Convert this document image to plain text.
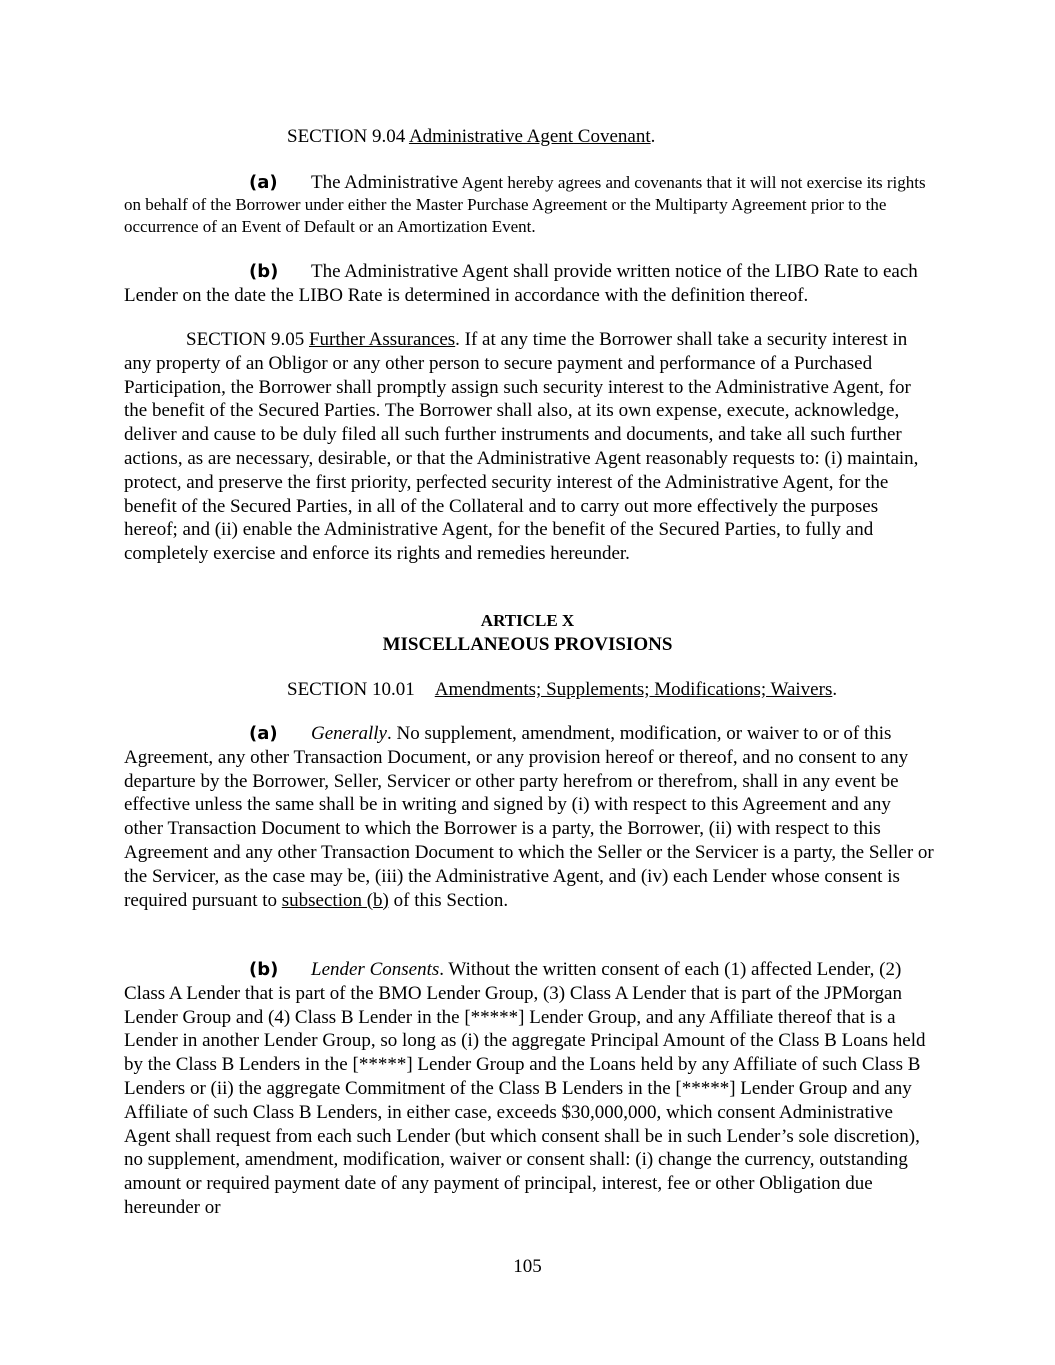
SECTION 9.04 Administrative Agent Covenant.

(a) The Administrative Agent hereby agrees and covenants that it will not exercise its rights on behalf of the Borrower under either the Master Purchase Agreement or the Multiparty Agreement prior to the occurrence of an Event of Default or an Amortization Event.

(b) The Administrative Agent shall provide written notice of the LIBO Rate to each Lender on the date the LIBO Rate is determined in accordance with the definition thereof.

SECTION 9.05 Further Assurances. If at any time the Borrower shall take a security interest in any property of an Obligor or any other person to secure payment and performance of a Purchased Participation, the Borrower shall promptly assign such security interest to the Administrative Agent, for the benefit of the Secured Parties. The Borrower shall also, at its own expense, execute, acknowledge, deliver and cause to be duly filed all such further instruments and documents, and take all such further actions, as are necessary, desirable, or that the Administrative Agent reasonably requests to: (i) maintain, protect, and preserve the first priority, perfected security interest of the Administrative Agent, for the benefit of the Secured Parties, in all of the Collateral and to carry out more effectively the purposes hereof; and (ii) enable the Administrative Agent, for the benefit of the Secured Parties, to fully and completely exercise and enforce its rights and remedies hereunder.

ARTICLE X

MISCELLANEOUS PROVISIONS

SECTION 10.01 Amendments; Supplements; Modifications; Waivers.

(a) Generally. No supplement, amendment, modification, or waiver to or of this Agreement, any other Transaction Document, or any provision hereof or thereof, and no consent to any departure by the Borrower, Seller, Servicer or other party herefrom or therefrom, shall in any event be effective unless the same shall be in writing and signed by (i) with respect to this Agreement and any other Transaction Document to which the Borrower is a party, the Borrower, (ii) with respect to this Agreement and any other Transaction Document to which the Seller or the Servicer is a party, the Seller or the Servicer, as the case may be, (iii) the Administrative Agent, and (iv) each Lender whose consent is required pursuant to subsection (b) of this Section.

(b) Lender Consents. Without the written consent of each (1) affected Lender, (2) Class A Lender that is part of the BMO Lender Group, (3) Class A Lender that is part of the JPMorgan Lender Group and (4) Class B Lender in the [*****] Lender Group, and any Affiliate thereof that is a Lender in another Lender Group, so long as (i) the aggregate Principal Amount of the Class B Loans held by the Class B Lenders in the [*****] Lender Group and the Loans held by any Affiliate of such Class B Lenders or (ii) the aggregate Commitment of the Class B Lenders in the [*****] Lender Group and any Affiliate of such Class B Lenders, in either case, exceeds $30,000,000, which consent Administrative Agent shall request from each such Lender (but which consent shall be in such Lender’s sole discretion), no supplement, amendment, modification, waiver or consent shall: (i) change the currency, outstanding amount or required payment date of any payment of principal, interest, fee or other Obligation due hereunder or

105
